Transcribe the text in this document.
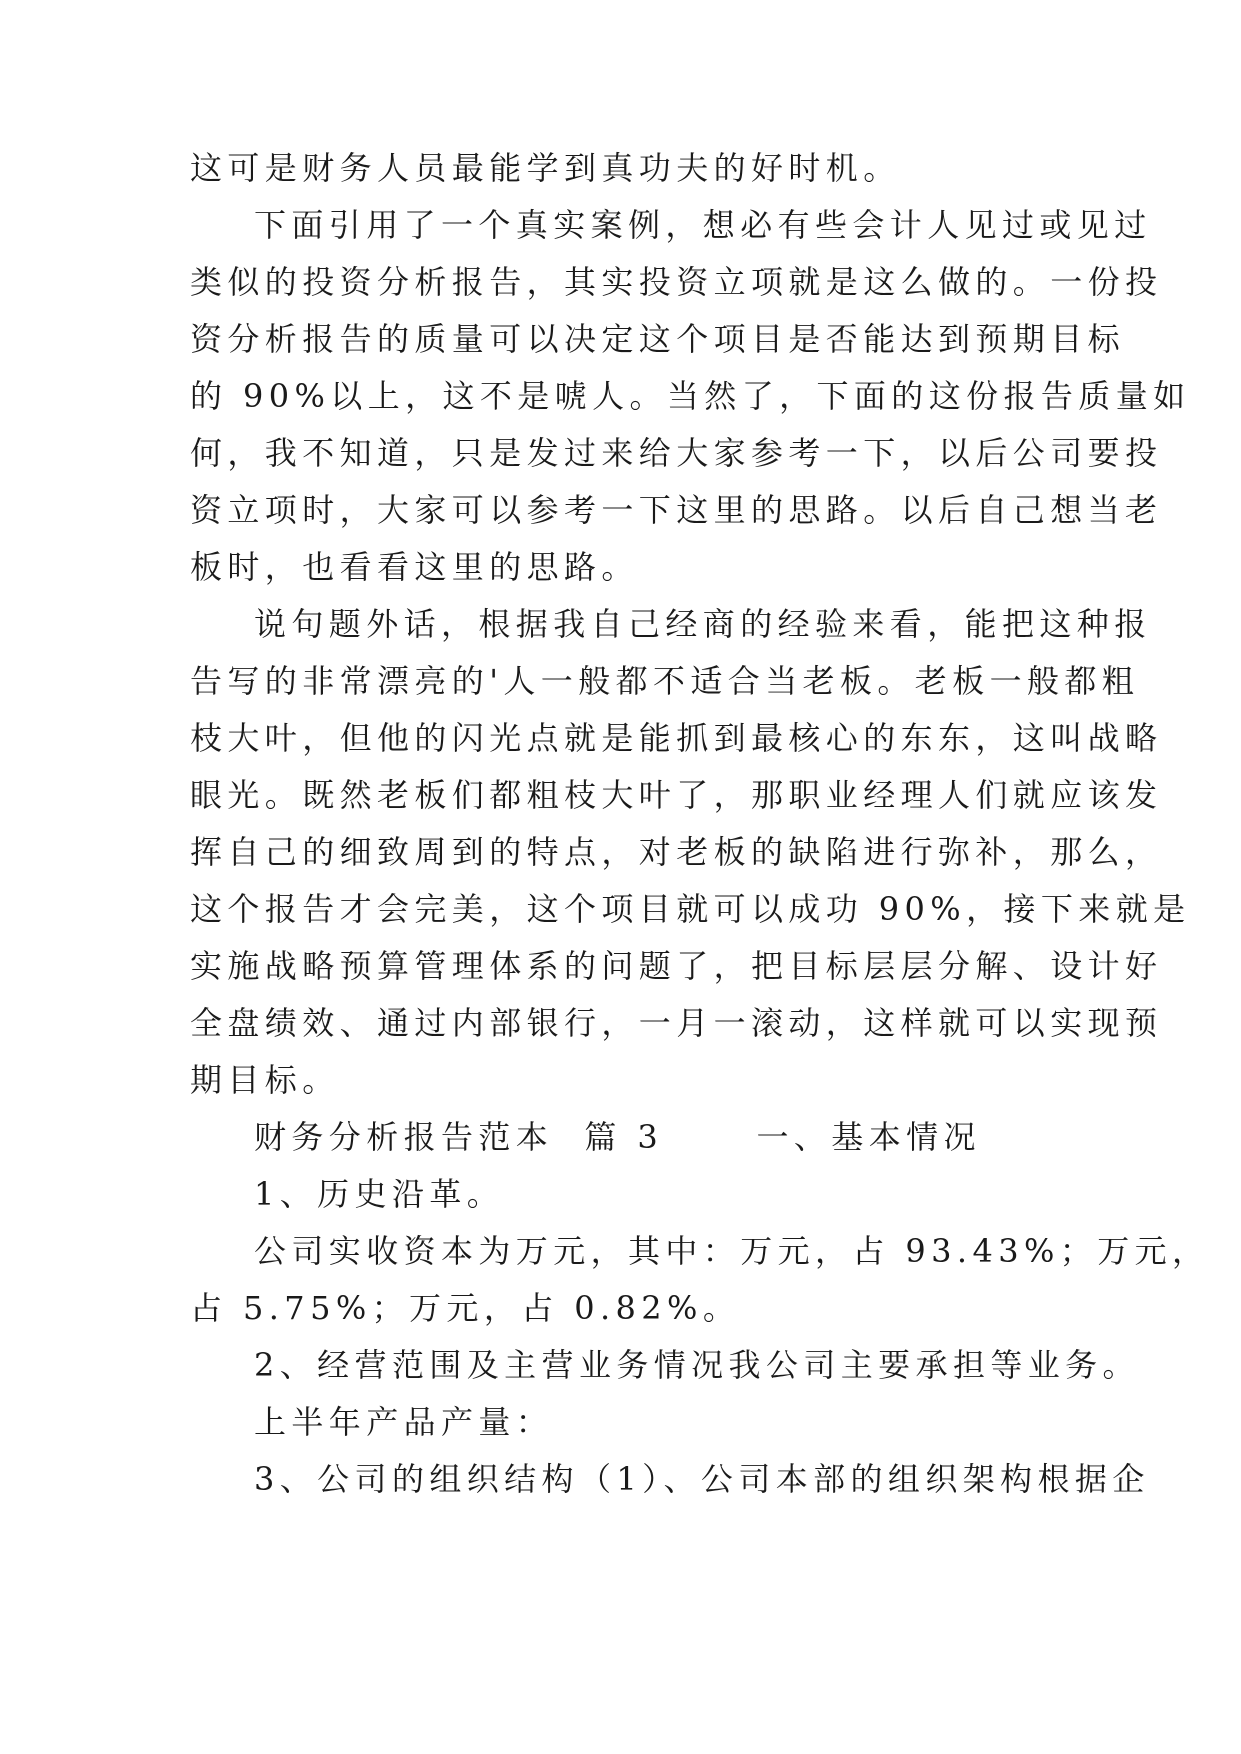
这可是财务人员最能学到真功夫的好时机。
下面引用了一个真实案例，想必有些会计人见过或见过
类似的投资分析报告，其实投资立项就是这么做的。一份投
资分析报告的质量可以决定这个项目是否能达到预期目标
的 90%以上，这不是唬人。当然了，下面的这份报告质量如
何，我不知道，只是发过来给大家参考一下，以后公司要投
资立项时，大家可以参考一下这里的思路。以后自己想当老
板时，也看看这里的思路。
说句题外话，根据我自己经商的经验来看，能把这种报
告写的非常漂亮的'人一般都不适合当老板。老板一般都粗
枝大叶，但他的闪光点就是能抓到最核心的东东，这叫战略
眼光。既然老板们都粗枝大叶了，那职业经理人们就应该发
挥自己的细致周到的特点，对老板的缺陷进行弥补，那么，
这个报告才会完美，这个项目就可以成功 90%，接下来就是
实施战略预算管理体系的问题了，把目标层层分解、设计好
全盘绩效、通过内部银行，一月一滚动，这样就可以实现预
期目标。
财务分析报告范本  篇 3      一、基本情况
1、历史沿革。
公司实收资本为万元，其中：万元，占 93.43%；万元，
占 5.75%；万元，占 0.82%。
2、经营范围及主营业务情况我公司主要承担等业务。
上半年产品产量：
3、公司的组织结构（1）、公司本部的组织架构根据企
